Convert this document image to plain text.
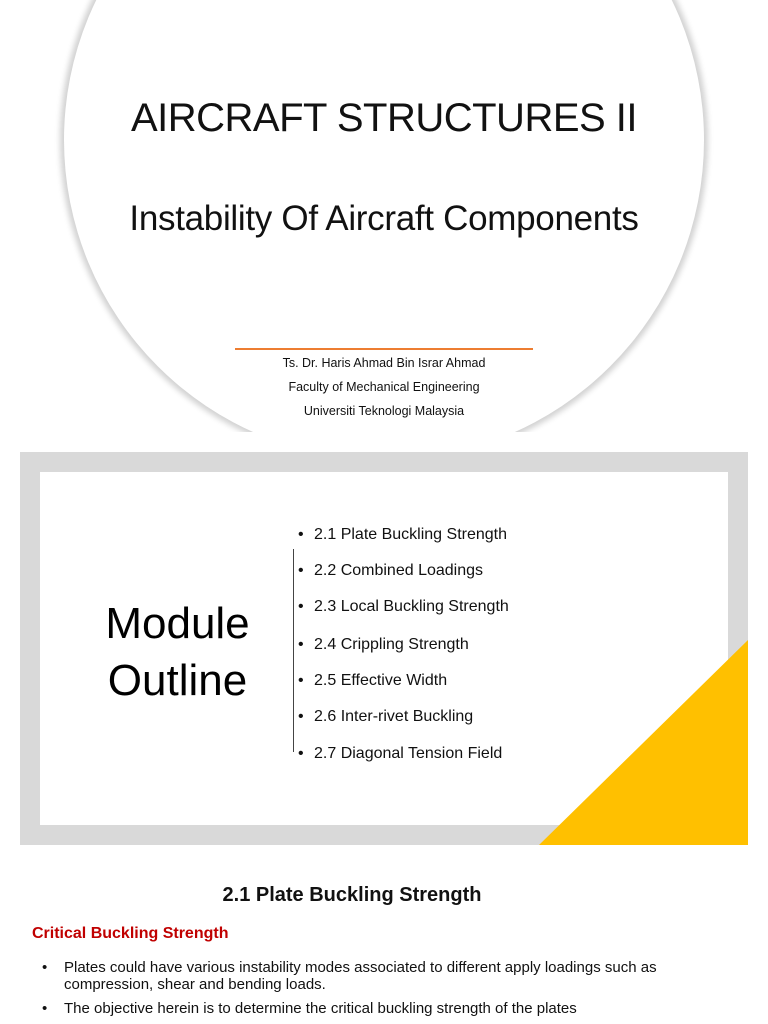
AIRCRAFT STRUCTURES II
Instability Of Aircraft Components
Ts. Dr. Haris Ahmad Bin Israr Ahmad
Faculty of Mechanical Engineering
Universiti Teknologi Malaysia
Module
Outline
• 2.1 Plate Buckling Strength
• 2.2 Combined Loadings
• 2.3 Local Buckling Strength
• 2.4 Crippling Strength
• 2.5 Effective Width
• 2.6 Inter-rivet Buckling
• 2.7 Diagonal Tension Field
2.1 Plate Buckling Strength
Critical Buckling Strength
• Plates could have various instability modes associated to different apply loadings such as compression, shear and bending loads.
• The objective herein is to determine the critical buckling strength of the plates
